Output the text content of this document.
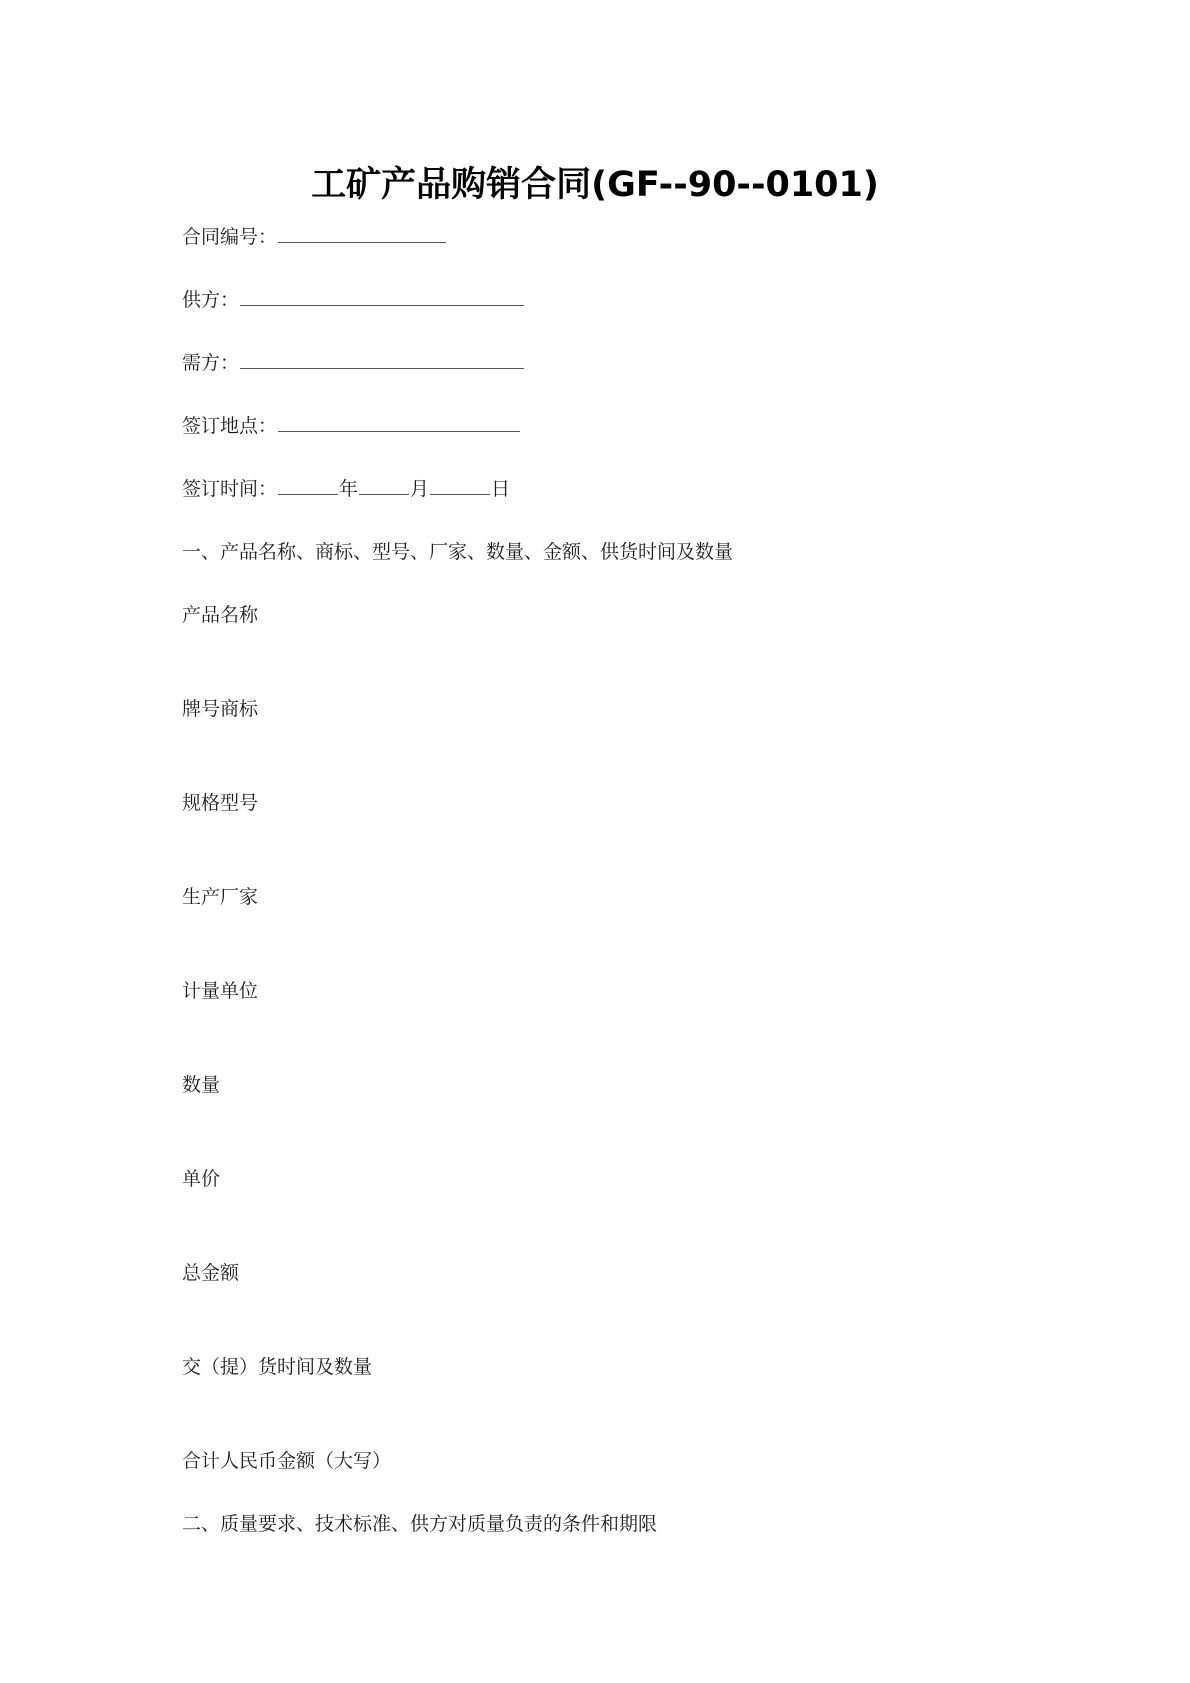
工矿产品购销合同(GF--90--0101)
合同编号：
供方：
需方：
签订地点：
签订时间：	年	月	日
一、产品名称、商标、型号、厂家、数量、金额、供货时间及数量
产品名称
牌号商标
规格型号
生产厂家
计量单位
数量
单价
总金额
交（提）货时间及数量
合计人民币金额（大写）
二、质量要求、技术标准、供方对质量负责的条件和期限
